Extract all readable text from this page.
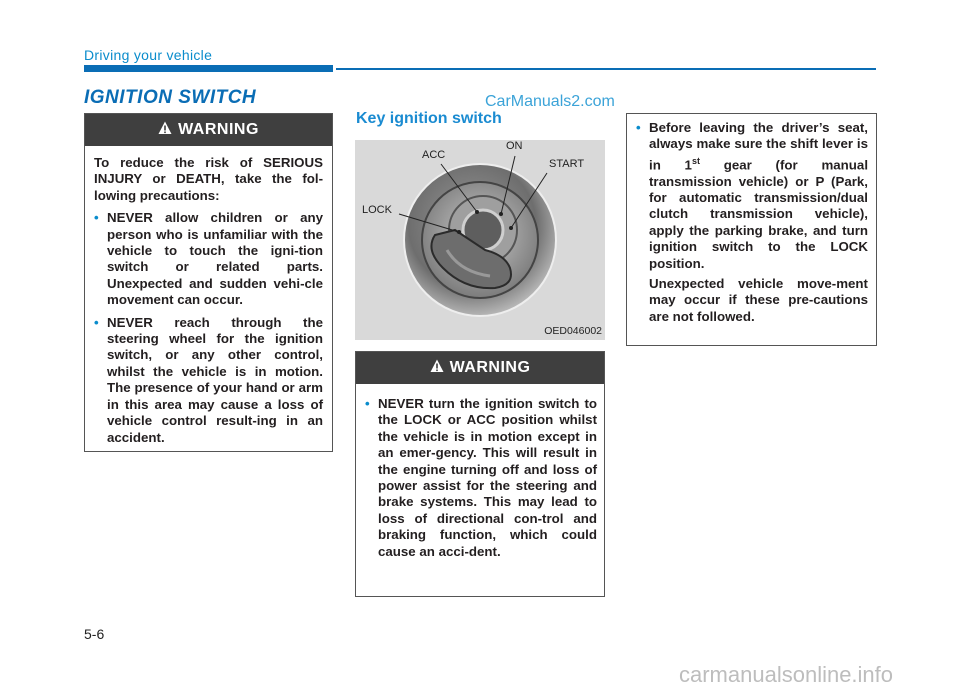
Driving your vehicle
IGNITION SWITCH	CarManuals2.com
Key ignition switch
WARNING
To reduce the risk of SERIOUS INJURY or DEATH, take the fol-lowing precautions:
• NEVER allow children or any person who is unfamiliar with the vehicle to touch the igni-tion switch or related parts. Unexpected and sudden vehi-cle movement can occur.
• NEVER reach through the steering wheel for the ignition switch, or any other control, whilst the vehicle is in motion. The presence of your hand or arm in this area may cause a loss of vehicle control result-ing in an accident.
LOCK
ACC
ON
START
OED046002
WARNING
• NEVER turn the ignition switch to the LOCK or ACC position whilst the vehicle is in motion except in an emer-gency. This will result in the engine turning off and loss of power assist for the steering and brake systems. This may lead to loss of directional con-trol and braking function, which could cause an acci-dent.
• Before leaving the driver’s seat, always make sure the shift lever is in 1st gear (for manual transmission vehicle) or P (Park, for automatic transmission/dual clutch transmission vehicle), apply the parking brake, and turn ignition switch to the LOCK position.
Unexpected vehicle move-ment may occur if these pre-cautions are not followed.
5-6
carmanualsonline.info
